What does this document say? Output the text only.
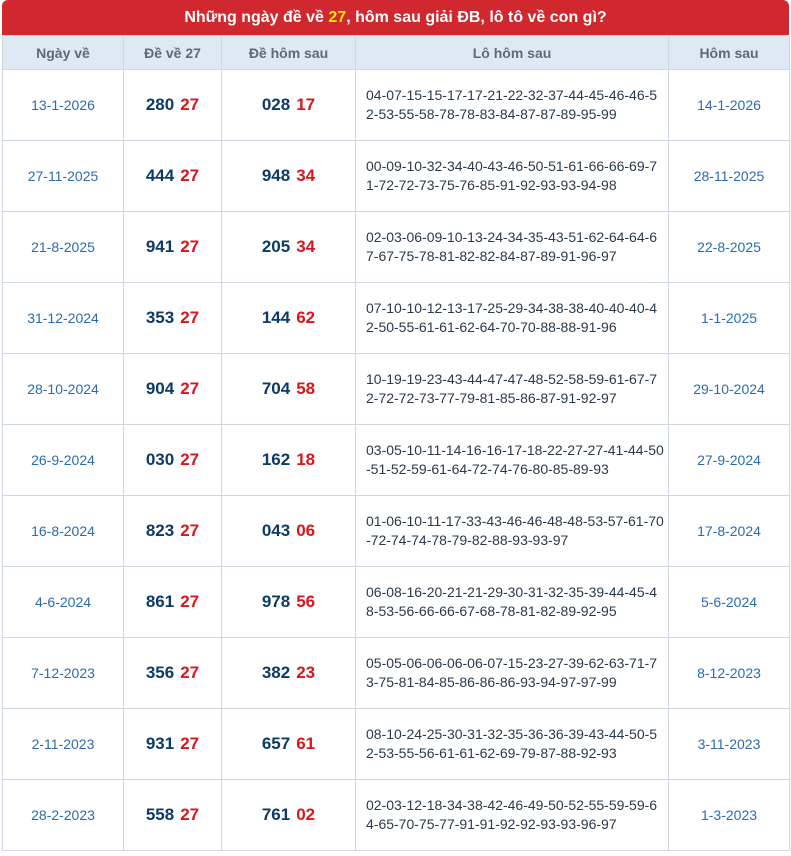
Những ngày đề về 27, hôm sau giải ĐB, lô tô về con gì?
Ngày về	Đề về 27	Đề hôm sau	Lô hôm sau	Hôm sau
13-1-2026	280 27	028 17	04-07-15-15-17-17-21-22-32-37-44-45-46-46-52-53-55-58-78-78-83-84-87-87-89-95-99	14-1-2026
27-11-2025	444 27	948 34	00-09-10-32-34-40-43-46-50-51-61-66-66-69-71-72-72-73-75-76-85-91-92-93-93-94-98	28-11-2025
21-8-2025	941 27	205 34	02-03-06-09-10-13-24-34-35-43-51-62-64-64-67-67-75-78-81-82-82-84-87-89-91-96-97	22-8-2025
31-12-2024	353 27	144 62	07-10-10-12-13-17-25-29-34-38-38-40-40-40-42-50-55-61-61-62-64-70-70-88-88-91-96	1-1-2025
28-10-2024	904 27	704 58	10-19-19-23-43-44-47-47-48-52-58-59-61-67-72-72-72-73-77-79-81-85-86-87-91-92-97	29-10-2024
26-9-2024	030 27	162 18	03-05-10-11-14-16-16-17-18-22-27-27-41-44-50-51-52-59-61-64-72-74-76-80-85-89-93	27-9-2024
16-8-2024	823 27	043 06	01-06-10-11-17-33-43-46-46-48-48-53-57-61-70-72-74-74-78-79-82-88-93-93-97	17-8-2024
4-6-2024	861 27	978 56	06-08-16-20-21-21-29-30-31-32-35-39-44-45-48-53-56-66-66-67-68-78-81-82-89-92-95	5-6-2024
7-12-2023	356 27	382 23	05-05-06-06-06-06-07-15-23-27-39-62-63-71-73-75-81-84-85-86-86-86-93-94-97-97-99	8-12-2023
2-11-2023	931 27	657 61	08-10-24-25-30-31-32-35-36-36-39-43-44-50-52-53-55-56-61-61-62-69-79-87-88-92-93	3-11-2023
28-2-2023	558 27	761 02	02-03-12-18-34-38-42-46-49-50-52-55-59-59-64-65-70-75-77-91-91-92-92-93-93-96-97	1-3-2023
